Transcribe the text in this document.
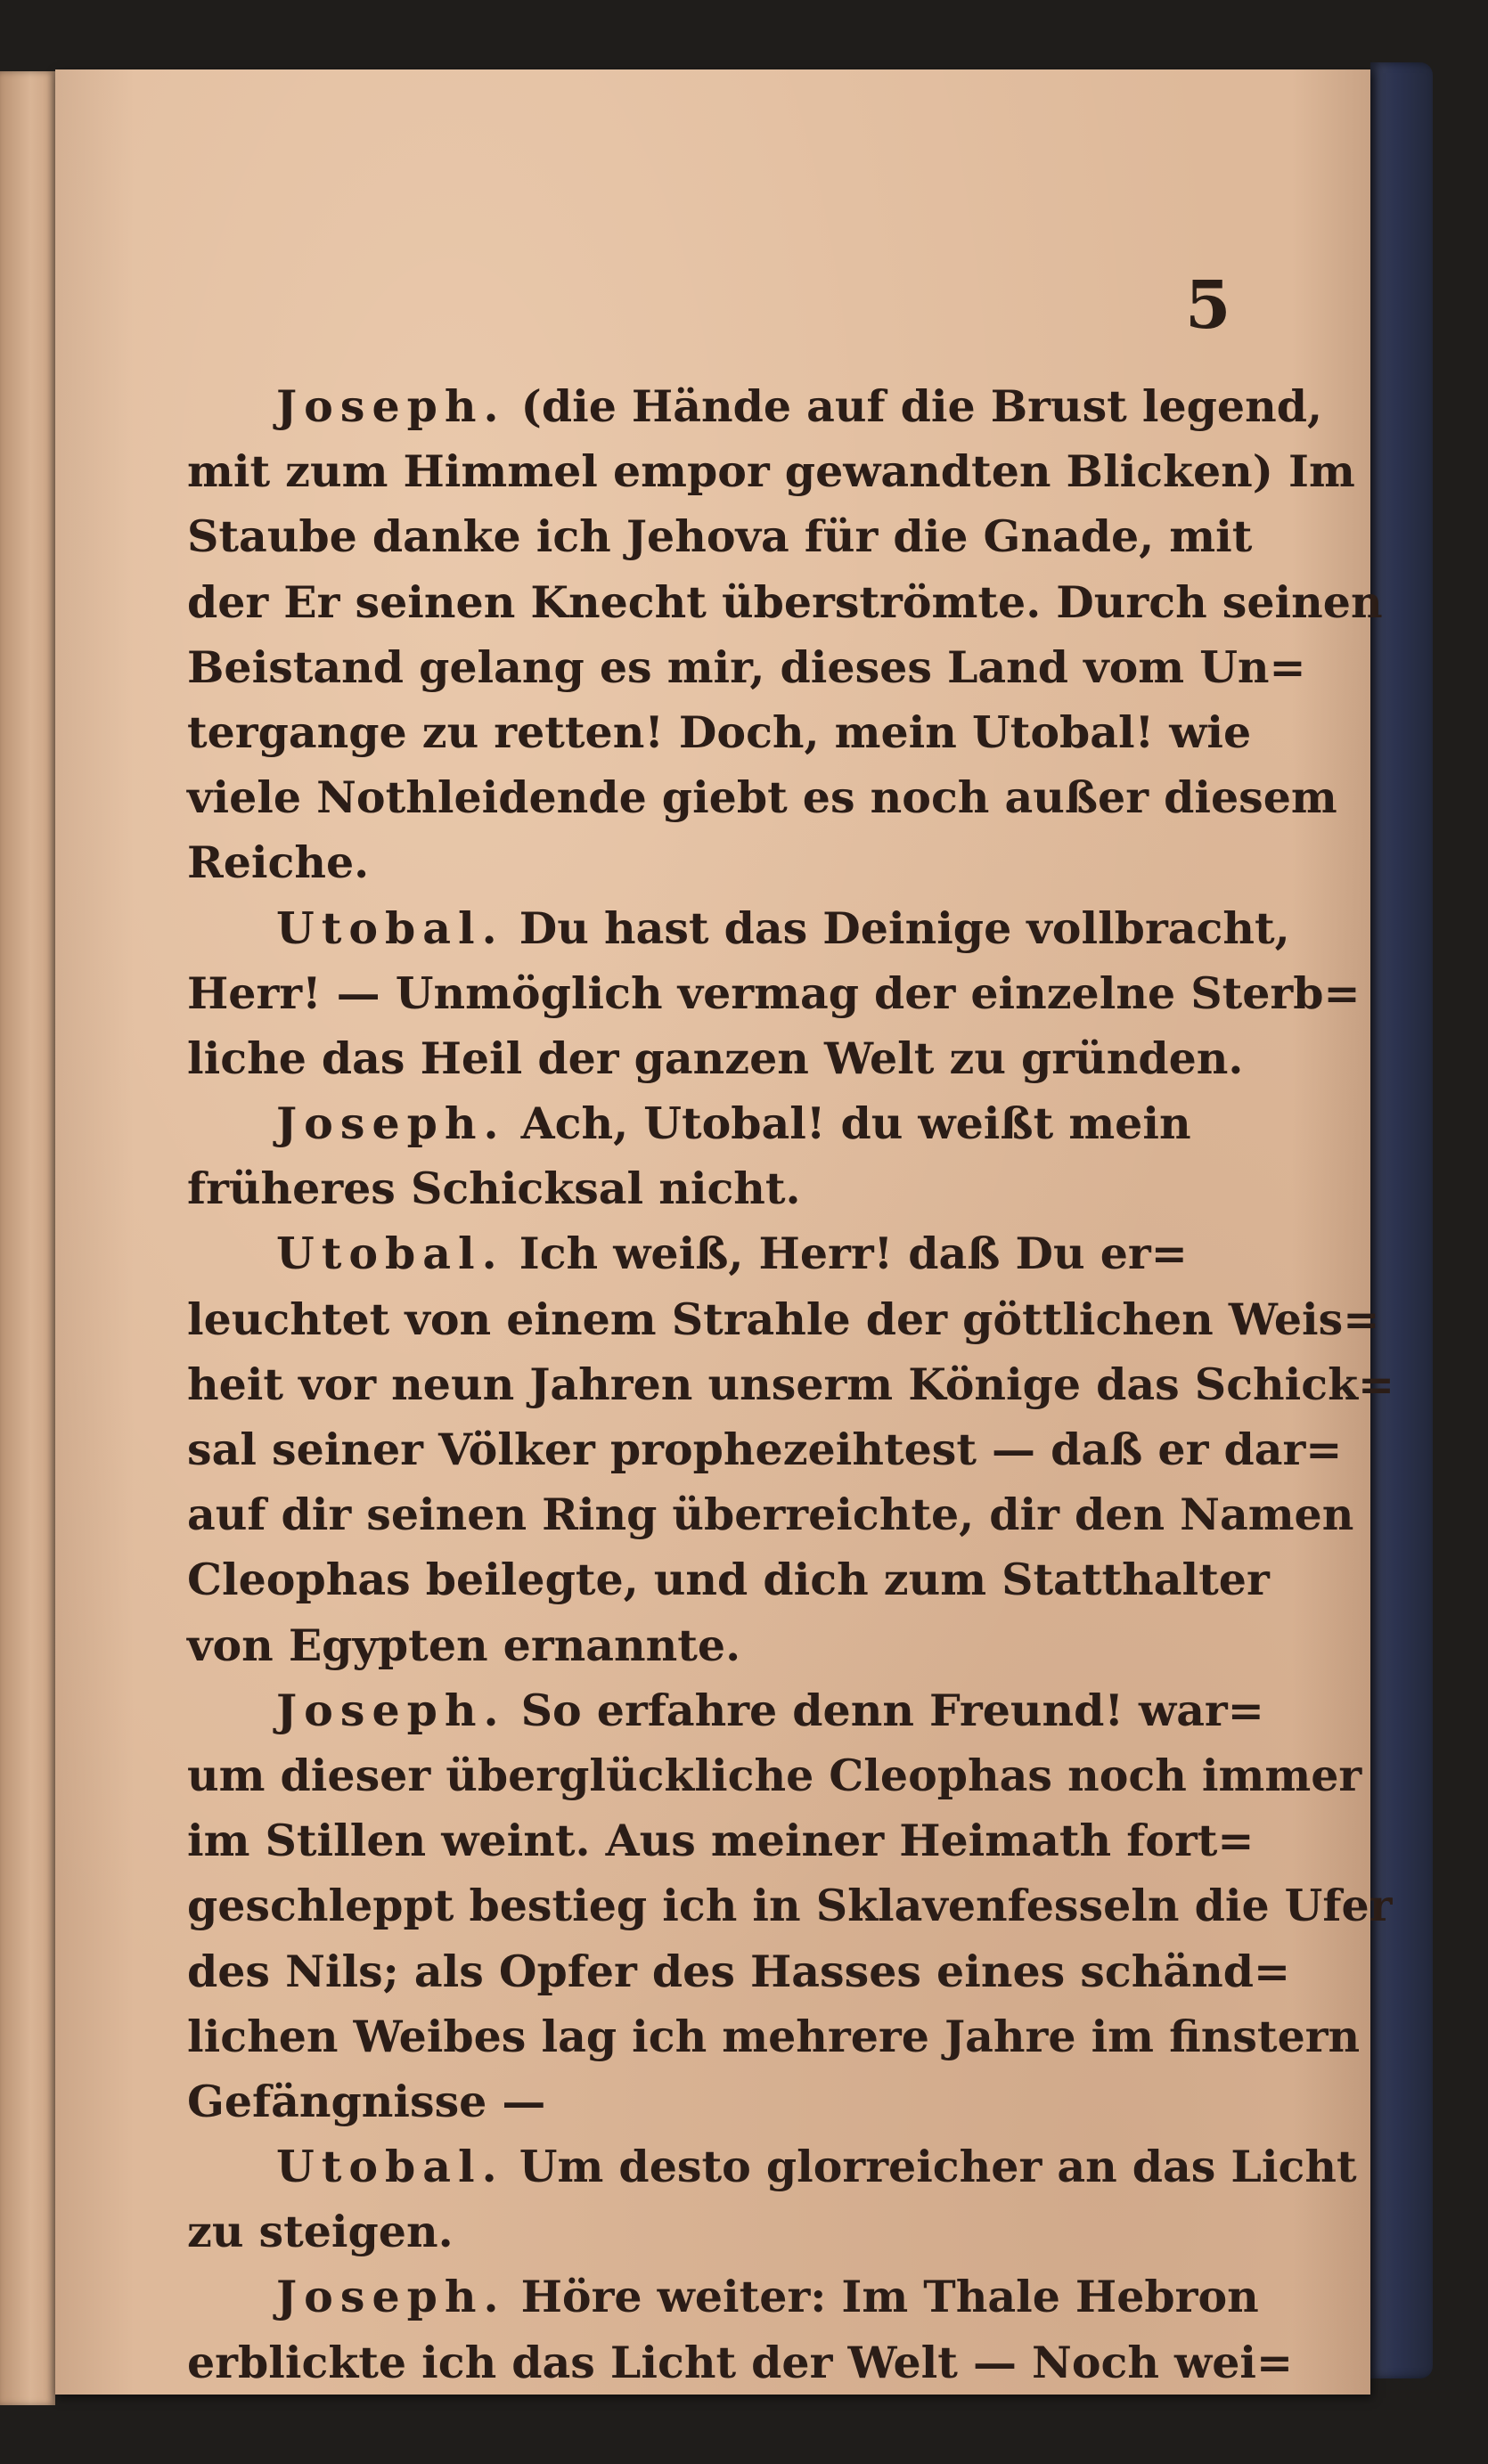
5
Joseph. (die Hände auf die Brust legend,
mit zum Himmel empor gewandten Blicken) Im
Staube danke ich Jehova für die Gnade, mit
der Er seinen Knecht überströmte. Durch seinen
Beistand gelang es mir, dieses Land vom Un=
tergange zu retten! Doch, mein Utobal! wie
viele Nothleidende giebt es noch außer diesem
Reiche.
Utobal. Du hast das Deinige vollbracht,
Herr! — Unmöglich vermag der einzelne Sterb=
liche das Heil der ganzen Welt zu gründen.
Joseph. Ach, Utobal! du weißt mein
früheres Schicksal nicht.
Utobal. Ich weiß, Herr! daß Du er=
leuchtet von einem Strahle der göttlichen Weis=
heit vor neun Jahren unserm Könige das Schick=
sal seiner Völker prophezeihtest — daß er dar=
auf dir seinen Ring überreichte, dir den Namen
Cleophas beilegte, und dich zum Statthalter
von Egypten ernannte.
Joseph. So erfahre denn Freund! war=
um dieser überglückliche Cleophas noch immer
im Stillen weint. Aus meiner Heimath fort=
geschleppt bestieg ich in Sklavenfesseln die Ufer
des Nils; als Opfer des Hasses eines schänd=
lichen Weibes lag ich mehrere Jahre im finstern
Gefängnisse —
Utobal. Um desto glorreicher an das Licht
zu steigen.
Joseph. Höre weiter: Im Thale Hebron
erblickte ich das Licht der Welt — Noch wei=
